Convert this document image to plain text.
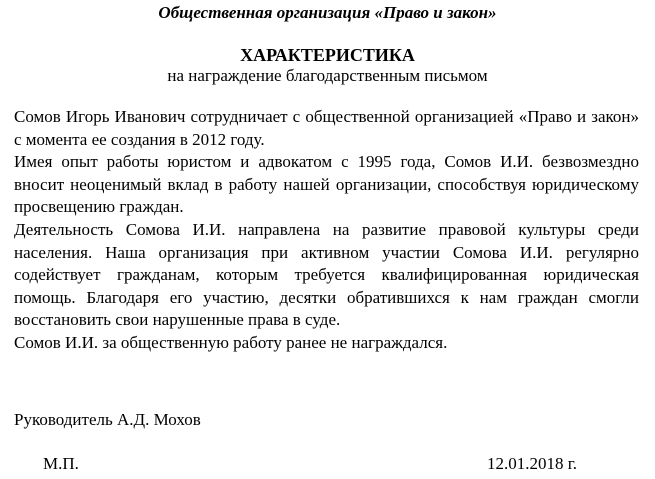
Общественная организация «Право и закон»
ХАРАКТЕРИСТИКА
на награждение благодарственным письмом

Сомов Игорь Иванович сотрудничает с общественной организацией «Право и закон» с момента ее создания в 2012 году.

Имея опыт работы юристом и адвокатом с 1995 года, Сомов И.И. безвозмездно вносит неоценимый вклад в работу нашей организации, способствуя юридическому просвещению граждан.

Деятельность Сомова И.И. направлена на развитие правовой культуры среди населения. Наша организация при активном участии Сомова И.И. регулярно содействует гражданам, которым требуется квалифицированная юридическая помощь. Благодаря его участию, десятки обратившихся к нам граждан смогли восстановить свои нарушенные права в суде.

Сомов И.И. за общественную работу ранее не награждался.

Руководитель А.Д. Мохов
М.П.	12.01.2018 г.
